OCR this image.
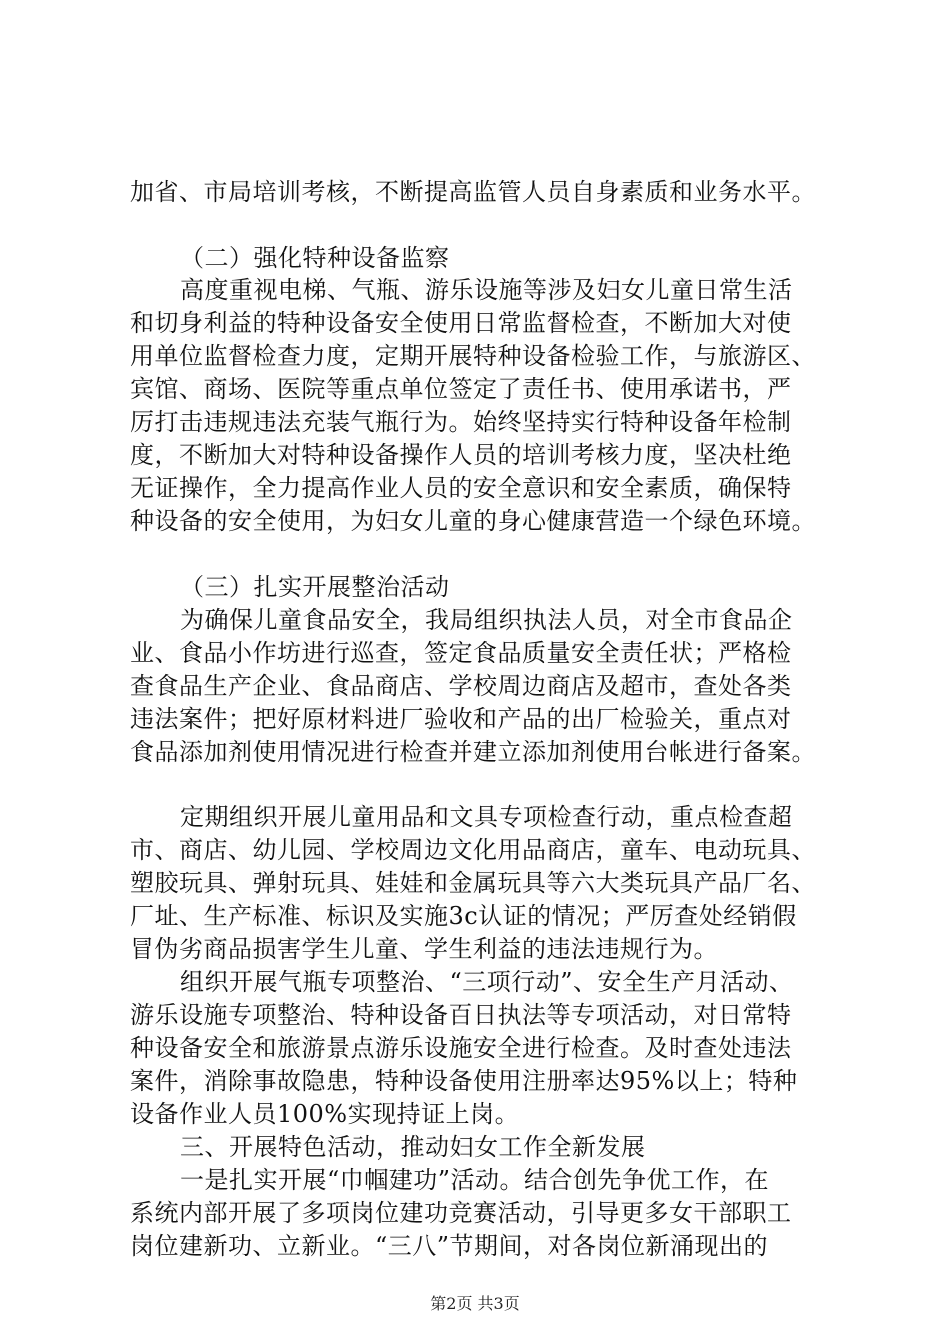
加省、市局培训考核，不断提高监管人员自身素质和业务水平。
（二）强化特种设备监察
高度重视电梯、气瓶、游乐设施等涉及妇女儿童日常生活
和切身利益的特种设备安全使用日常监督检查，不断加大对使
用单位监督检查力度，定期开展特种设备检验工作，与旅游区、
宾馆、商场、医院等重点单位签定了责任书、使用承诺书，严
厉打击违规违法充装气瓶行为。始终坚持实行特种设备年检制
度，不断加大对特种设备操作人员的培训考核力度，坚决杜绝
无证操作，全力提高作业人员的安全意识和安全素质，确保特
种设备的安全使用，为妇女儿童的身心健康营造一个绿色环境。
（三）扎实开展整治活动
为确保儿童食品安全，我局组织执法人员，对全市食品企
业、食品小作坊进行巡查，签定食品质量安全责任状；严格检
查食品生产企业、食品商店、学校周边商店及超市，查处各类
违法案件；把好原材料进厂验收和产品的出厂检验关，重点对
食品添加剂使用情况进行检查并建立添加剂使用台帐进行备案。
定期组织开展儿童用品和文具专项检查行动，重点检查超
市、商店、幼儿园、学校周边文化用品商店，童车、电动玩具、
塑胶玩具、弹射玩具、娃娃和金属玩具等六大类玩具产品厂名、
厂址、生产标准、标识及实施3c认证的情况；严厉查处经销假
冒伪劣商品损害学生儿童、学生利益的违法违规行为。
组织开展气瓶专项整治、“三项行动”、安全生产月活动、
游乐设施专项整治、特种设备百日执法等专项活动，对日常特
种设备安全和旅游景点游乐设施安全进行检查。及时查处违法
案件，消除事故隐患，特种设备使用注册率达95%以上；特种
设备作业人员100%实现持证上岗。
三、开展特色活动，推动妇女工作全新发展
一是扎实开展“巾帼建功”活动。结合创先争优工作，在
系统内部开展了多项岗位建功竞赛活动，引导更多女干部职工
岗位建新功、立新业。“三八”节期间，对各岗位新涌现出的
第2页 共3页
